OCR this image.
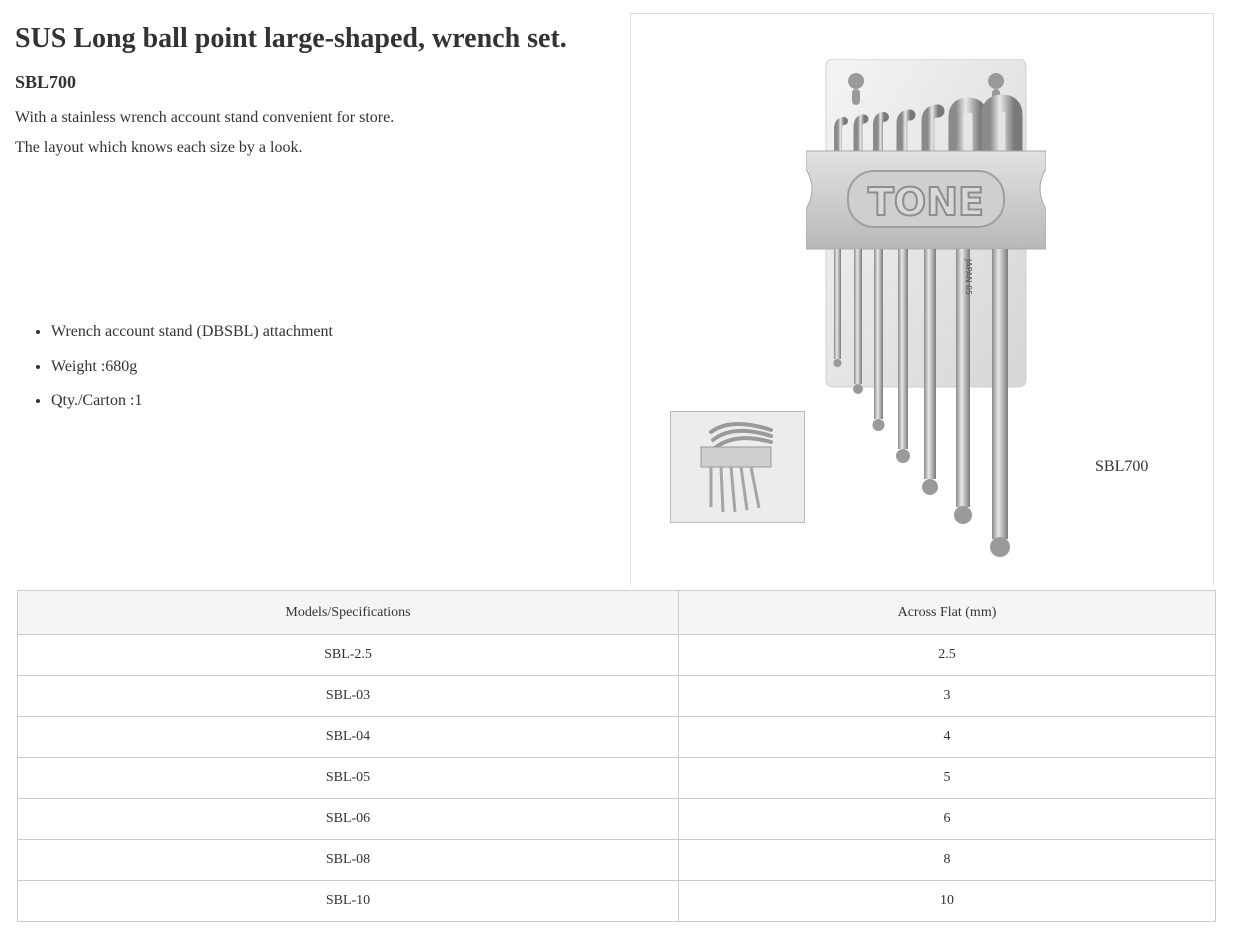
SUS Long ball point large-shaped, wrench set.
SBL700

With a stainless wrench account stand convenient for store.

The layout which knows each size by a look.

• Wrench account stand (DBSBL) attachment
• Weight :680g
• Qty./Carton :1
TONE
JAPAN 05
SBL700
Models/Specifications	Across Flat (mm)
SBL-2.5	2.5
SBL-03	3
SBL-04	4
SBL-05	5
SBL-06	6
SBL-08	8
SBL-10	10
